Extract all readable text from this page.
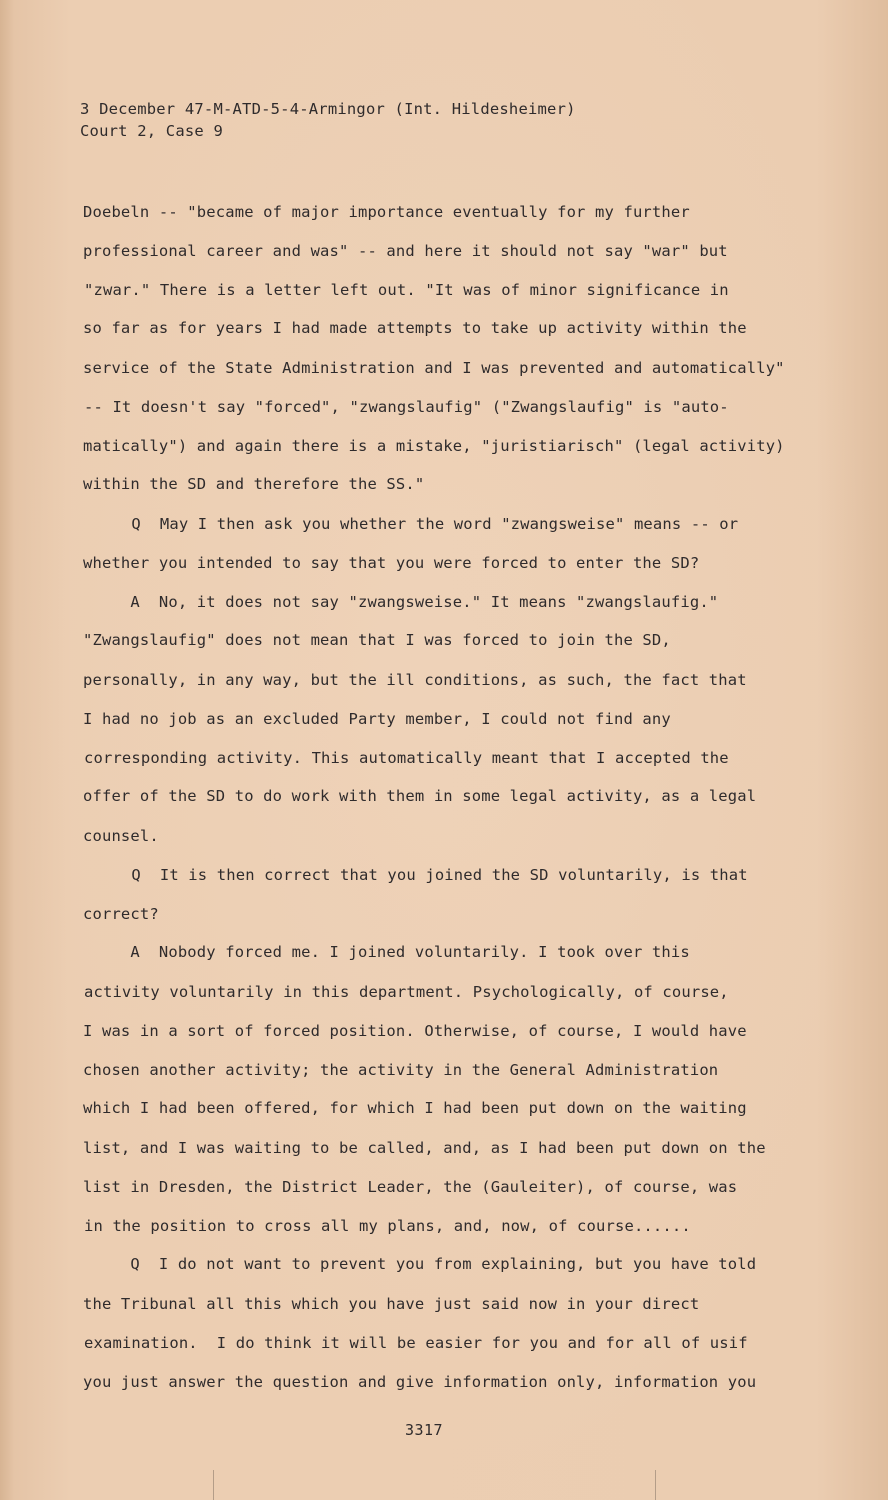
3 December 47-M-ATD-5-4-Armingor (Int. Hildesheimer)
Court 2, Case 9
Doebeln -- "became of major importance eventually for my further
professional career and was" -- and here it should not say "war" but
"zwar." There is a letter left out. "It was of minor significance in
so far as for years I had made attempts to take up activity within the
service of the State Administration and I was prevented and automatically"
-- It doesn't say "forced", "zwangslaufig" ("Zwangslaufig" is "auto-
matically") and again there is a mistake, "juristiarisch" (legal activity)
within the SD and therefore the SS."
Q  May I then ask you whether the word "zwangsweise" means -- or
whether you intended to say that you were forced to enter the SD?
A  No, it does not say "zwangsweise." It means "zwangslaufig."
"Zwangslaufig" does not mean that I was forced to join the SD,
personally, in any way, but the ill conditions, as such, the fact that
I had no job as an excluded Party member, I could not find any
corresponding activity. This automatically meant that I accepted the
offer of the SD to do work with them in some legal activity, as a legal
counsel.
Q  It is then correct that you joined the SD voluntarily, is that
correct?
A  Nobody forced me. I joined voluntarily. I took over this
activity voluntarily in this department. Psychologically, of course,
I was in a sort of forced position. Otherwise, of course, I would have
chosen another activity; the activity in the General Administration
which I had been offered, for which I had been put down on the waiting
list, and I was waiting to be called, and, as I had been put down on the
list in Dresden, the District Leader, the (Gauleiter), of course, was
in the position to cross all my plans, and, now, of course......
Q  I do not want to prevent you from explaining, but you have told
the Tribunal all this which you have just said now in your direct
examination.  I do think it will be easier for you and for all of usif
you just answer the question and give information only, information you
3317
